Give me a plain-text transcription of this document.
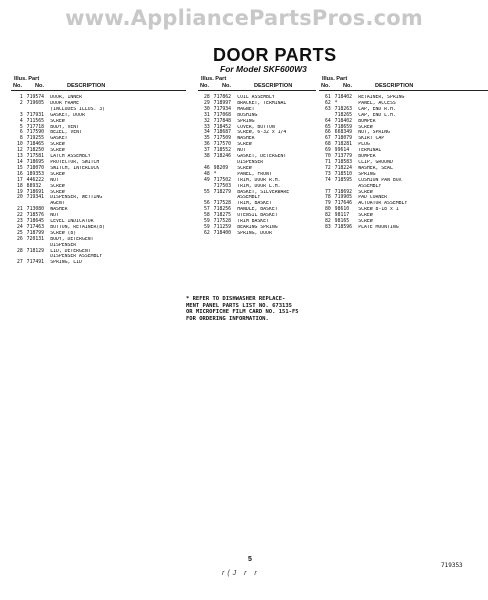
www.AppliancePartsPros.com
DOOR PARTS
For Model SKF600W3
Illus. Part
No. No.	DESCRIPTION
1 719574	DOOR, INNER
2 719605	DOOR FRAME
(INCLUDES ILLUS. 3)
3 717931	GASKET, DOOR
4 711565	SCREW
5 717718	BODY, VENT
6 717590	BEZEL, VENT
8 719255	GASKET
10 718465	SCREW
12 718250	SCREW
13 717581	LATCH ASSEMBLY
14 718695	PROTECTOR, SWITCH
15 718070	SWITCH, INTERLOCK
16 189353	SCREW
17 446222	NUT
18 88932	SCREW
19 718691	SCREW
20 719341	DISPENSER, WETTING
AGENT
21 713080	WASHER
22 718576	NUT
23 718645	LEVEL INDICATOR
24 717463	BUTTON, RETAINER(8)
25 718799	SCREW (8)
26 720131	BODY, DETERGENT
DISPENSER
28 718129	LID, DETERGENT
DISPENSER ASSEMBLY
27 717491	SPRING, LID
Illus. Part
No. No.	DESCRIPTION
28 717862	COIL ASSEMBLY
29 718997	BRACKET, TERMINAL
30 717934	MAGNET
31 717068	BUSHING
32 717848	SPRING
33 718452	COVER, BUTTON
34 718687	SCREW, 6-32 x 1/4
35 717509	WASHER
36 717570	SCREW
37 718552	NUT
38 718246	GASKET, DETERGENT
DISPENSER
46 98209	SCREW
48 *	PANEL, FRONT
49 717502	TRIM, DOOR R.H.
717503	TRIM, DOOR L.H.
55 718279	BASKET, SILVERWARE
ASSEMBLY
56 717528	TRIM, BASKET
57 718256	HANDLE, BASKET
58 718275	UTENSIL BASKET
59 717528	TRIM BASKET
59 711259	BEARING SPRING
62 718400	SPRING, DOOR
Illus. Part
No. No.	DESCRIPTION
61 718402	RETAINER, SPRING
62 *	PANEL, ACCESS
63 718263	CAP, END R.H.
718265	CAP, END L.H.
64 718402	BUMPER
65 718659	SCREW
66 668349	NUT, SPRING
67 718079	SKIRT CAP
68 718281	PLUG
69 99614	TERMINAL
70 713779	BUMPER
71 718583	CLIP, GROUND
72 718224	WASHER, SEAL
73 718510	SPRING
74 718595	CUSHION PAN BOX
ASSEMBLY
77 718692	SCREW
78 719905	PAD CORNER
79 717646	ACTUATOR ASSEMBLY
80 98610	SCREW 8-18 x 1
82 98117	SCREW
82 98165	SCREW
83 718596	PLATE MOUNTING
* REFER TO DISHWASHER REPLACE-
MENT PANEL PARTS LIST NO. 673135
OR MICROFICHE FILM CARD NO. 151-F5
FOR ORDERING INFORMATION.
5
719353
r(J r r
